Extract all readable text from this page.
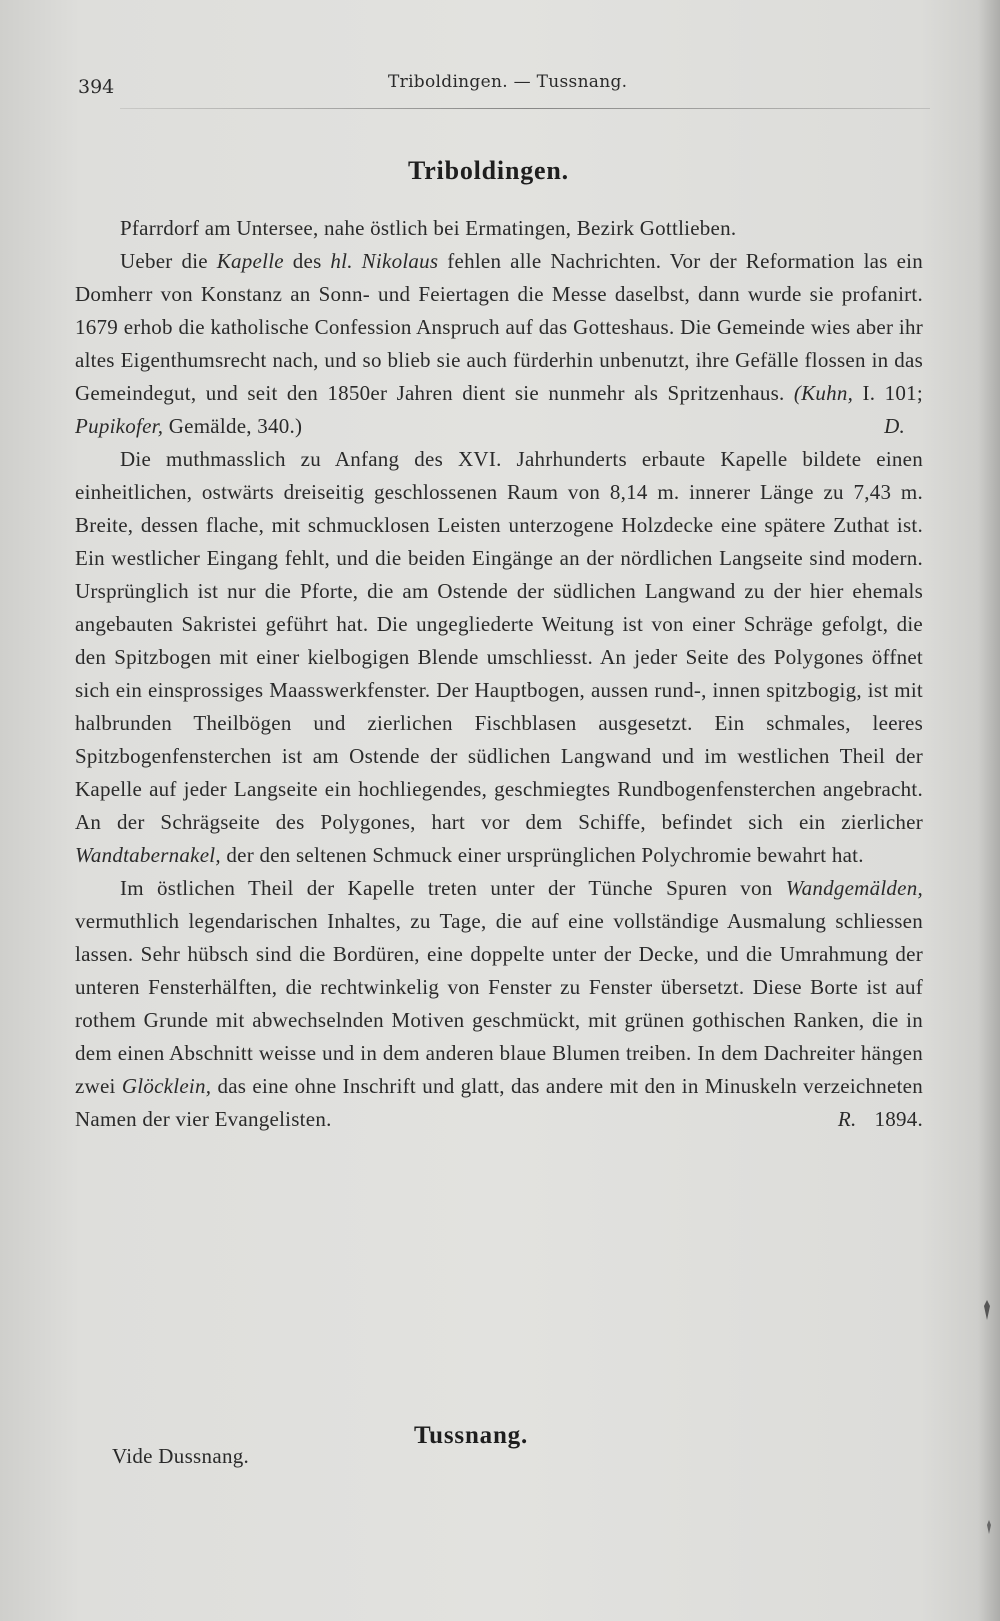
394	Triboldingen. — Tussnang.
Triboldingen.

Pfarrdorf am Untersee, nahe östlich bei Ermatingen, Bezirk Gottlieben.

Ueber die Kapelle des hl. Nikolaus fehlen alle Nachrichten. Vor der Reformation las ein Domherr von Konstanz an Sonn- und Feiertagen die Messe daselbst, dann wurde sie profanirt. 1679 erhob die katholische Confession Anspruch auf das Gotteshaus. Die Gemeinde wies aber ihr altes Eigenthumsrecht nach, und so blieb sie auch fürderhin unbenutzt, ihre Gefälle flossen in das Gemeindegut, und seit den 1850er Jahren dient sie nunmehr als Spritzenhaus. (Kuhn, I. 101; Pupikofer, Gemälde, 340.)	D.

Die muthmasslich zu Anfang des XVI. Jahrhunderts erbaute Kapelle bildete einen einheitlichen, ostwärts dreiseitig geschlossenen Raum von 8,14 m. innerer Länge zu 7,43 m. Breite, dessen flache, mit schmucklosen Leisten unterzogene Holzdecke eine spätere Zuthat ist. Ein westlicher Eingang fehlt, und die beiden Eingänge an der nördlichen Langseite sind modern. Ursprünglich ist nur die Pforte, die am Ostende der südlichen Langwand zu der hier ehemals angebauten Sakristei geführt hat. Die ungegliederte Weitung ist von einer Schräge gefolgt, die den Spitzbogen mit einer kielbogigen Blende umschliesst. An jeder Seite des Polygones öffnet sich ein einsprossiges Maasswerkfenster. Der Hauptbogen, aussen rund-, innen spitzbogig, ist mit halbrunden Theilbögen und zierlichen Fischblasen ausgesetzt. Ein schmales, leeres Spitzbogenfensterchen ist am Ostende der südlichen Langwand und im westlichen Theil der Kapelle auf jeder Langseite ein hochliegendes, geschmiegtes Rundbogenfensterchen angebracht. An der Schrägseite des Polygones, hart vor dem Schiffe, befindet sich ein zierlicher Wandtabernakel, der den seltenen Schmuck einer ursprünglichen Polychromie bewahrt hat.

Im östlichen Theil der Kapelle treten unter der Tünche Spuren von Wandgemälden, vermuthlich legendarischen Inhaltes, zu Tage, die auf eine vollständige Ausmalung schliessen lassen. Sehr hübsch sind die Bordüren, eine doppelte unter der Decke, und die Umrahmung der unteren Fensterhälften, die rechtwinkelig von Fenster zu Fenster übersetzt. Diese Borte ist auf rothem Grunde mit abwechselnden Motiven geschmückt, mit grünen gothischen Ranken, die in dem einen Abschnitt weisse und in dem anderen blaue Blumen treiben. In dem Dachreiter hängen zwei Glöcklein, das eine ohne Inschrift und glatt, das andere mit den in Minuskeln verzeichneten Namen der vier Evangelisten.	R. 1894.

Tussnang.
Vide Dussnang.
